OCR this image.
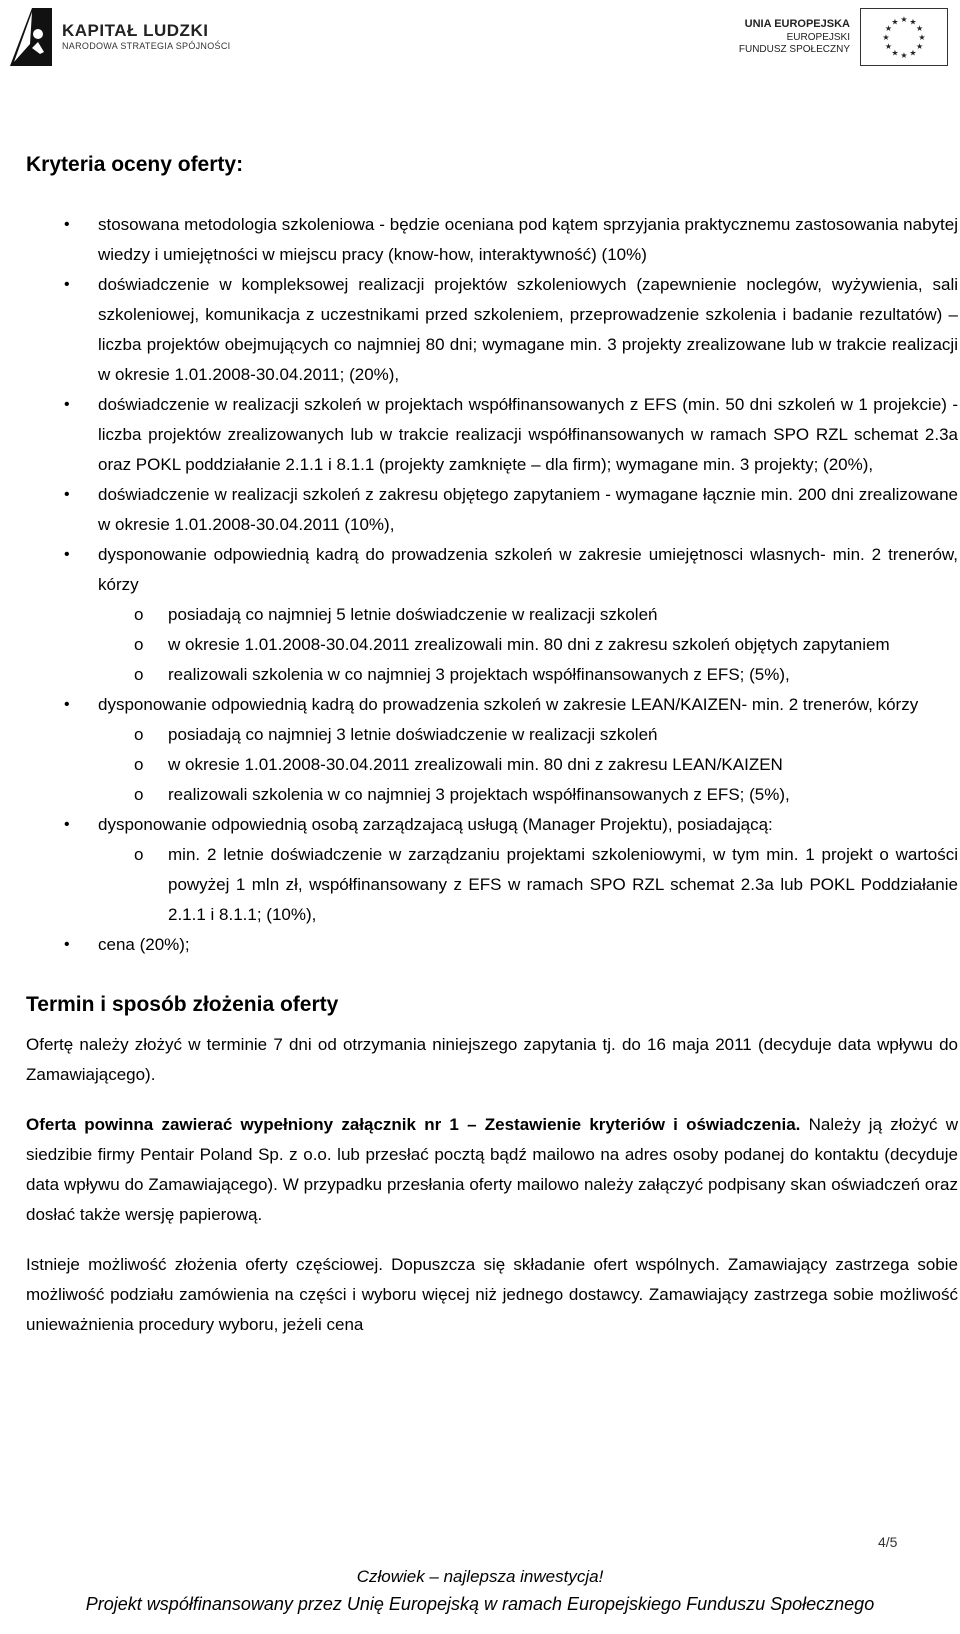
KAPITAŁ LUDZKI
NARODOWA STRATEGIA SPÓJNOŚCI
UNIA EUROPEJSKA
EUROPEJSKI
FUNDUSZ SPOŁECZNY
★ ★
★
★
★
★
★
★
★
★
★
★
Kryteria oceny oferty:
• stosowana metodologia szkoleniowa - będzie oceniana pod kątem sprzyjania praktycznemu zastosowania nabytej wiedzy i umiejętności w miejscu pracy (know-how, interaktywność) (10%)
• doświadczenie w kompleksowej realizacji projektów szkoleniowych (zapewnienie noclegów, wyżywienia, sali szkoleniowej, komunikacja z uczestnikami przed szkoleniem, przeprowadzenie szkolenia i badanie rezultatów) – liczba projektów obejmujących co najmniej 80 dni; wymagane min. 3 projekty zrealizowane lub w trakcie realizacji w okresie 1.01.2008-30.04.2011; (20%),
• doświadczenie w realizacji szkoleń w projektach współfinansowanych z EFS (min. 50 dni szkoleń w 1 projekcie) - liczba projektów zrealizowanych lub w trakcie realizacji współfinansowanych w ramach SPO RZL schemat 2.3a oraz POKL poddziałanie 2.1.1 i 8.1.1 (projekty zamknięte – dla firm); wymagane min. 3 projekty; (20%),
• doświadczenie w realizacji szkoleń z zakresu objętego zapytaniem - wymagane łącznie min. 200 dni zrealizowane w okresie 1.01.2008-30.04.2011 (10%),
• dysponowanie odpowiednią kadrą do prowadzenia szkoleń w zakresie umiejętnosci wlasnych- min. 2 trenerów, kórzy
o posiadają co najmniej 5 letnie doświadczenie w realizacji szkoleń
o w okresie 1.01.2008-30.04.2011 zrealizowali min. 80 dni z zakresu szkoleń objętych zapytaniem
o realizowali szkolenia w co najmniej 3 projektach współfinansowanych z EFS; (5%),
• dysponowanie odpowiednią kadrą do prowadzenia szkoleń w zakresie LEAN/KAIZEN- min. 2 trenerów, kórzy
o posiadają co najmniej 3 letnie doświadczenie w realizacji szkoleń
o w okresie 1.01.2008-30.04.2011 zrealizowali min. 80 dni z zakresu LEAN/KAIZEN
o realizowali szkolenia w co najmniej 3 projektach współfinansowanych z EFS; (5%),
• dysponowanie odpowiednią osobą zarządzajacą usługą (Manager Projektu), posiadającą:
o min. 2 letnie doświadczenie w zarządzaniu projektami szkoleniowymi, w tym min. 1 projekt o wartości powyżej 1 mln zł, współfinansowany z EFS w ramach SPO RZL schemat 2.3a lub POKL Poddziałanie 2.1.1 i 8.1.1; (10%),
• cena (20%);
Termin i sposób złożenia oferty

Ofertę należy złożyć w terminie 7 dni od otrzymania niniejszego zapytania tj. do 16 maja 2011 (decyduje data wpływu do Zamawiającego).

Oferta powinna zawierać wypełniony załącznik nr 1 – Zestawienie kryteriów i oświadczenia. Należy ją złożyć w siedzibie firmy Pentair Poland Sp. z o.o. lub przesłać pocztą bądź mailowo na adres osoby podanej do kontaktu (decyduje data wpływu do Zamawiającego). W przypadku przesłania oferty mailowo należy załączyć podpisany skan oświadczeń oraz dosłać także wersję papierową.

Istnieje możliwość złożenia oferty częściowej. Dopuszcza się składanie ofert wspólnych. Zamawiający zastrzega sobie możliwość podziału zamówienia na części i wyboru więcej niż jednego dostawcy. Zamawiający zastrzega sobie możliwość unieważnienia procedury wyboru, jeżeli cena

4/5
Człowiek – najlepsza inwestycja!
Projekt współfinansowany przez Unię Europejską w ramach Europejskiego Funduszu Społecznego
